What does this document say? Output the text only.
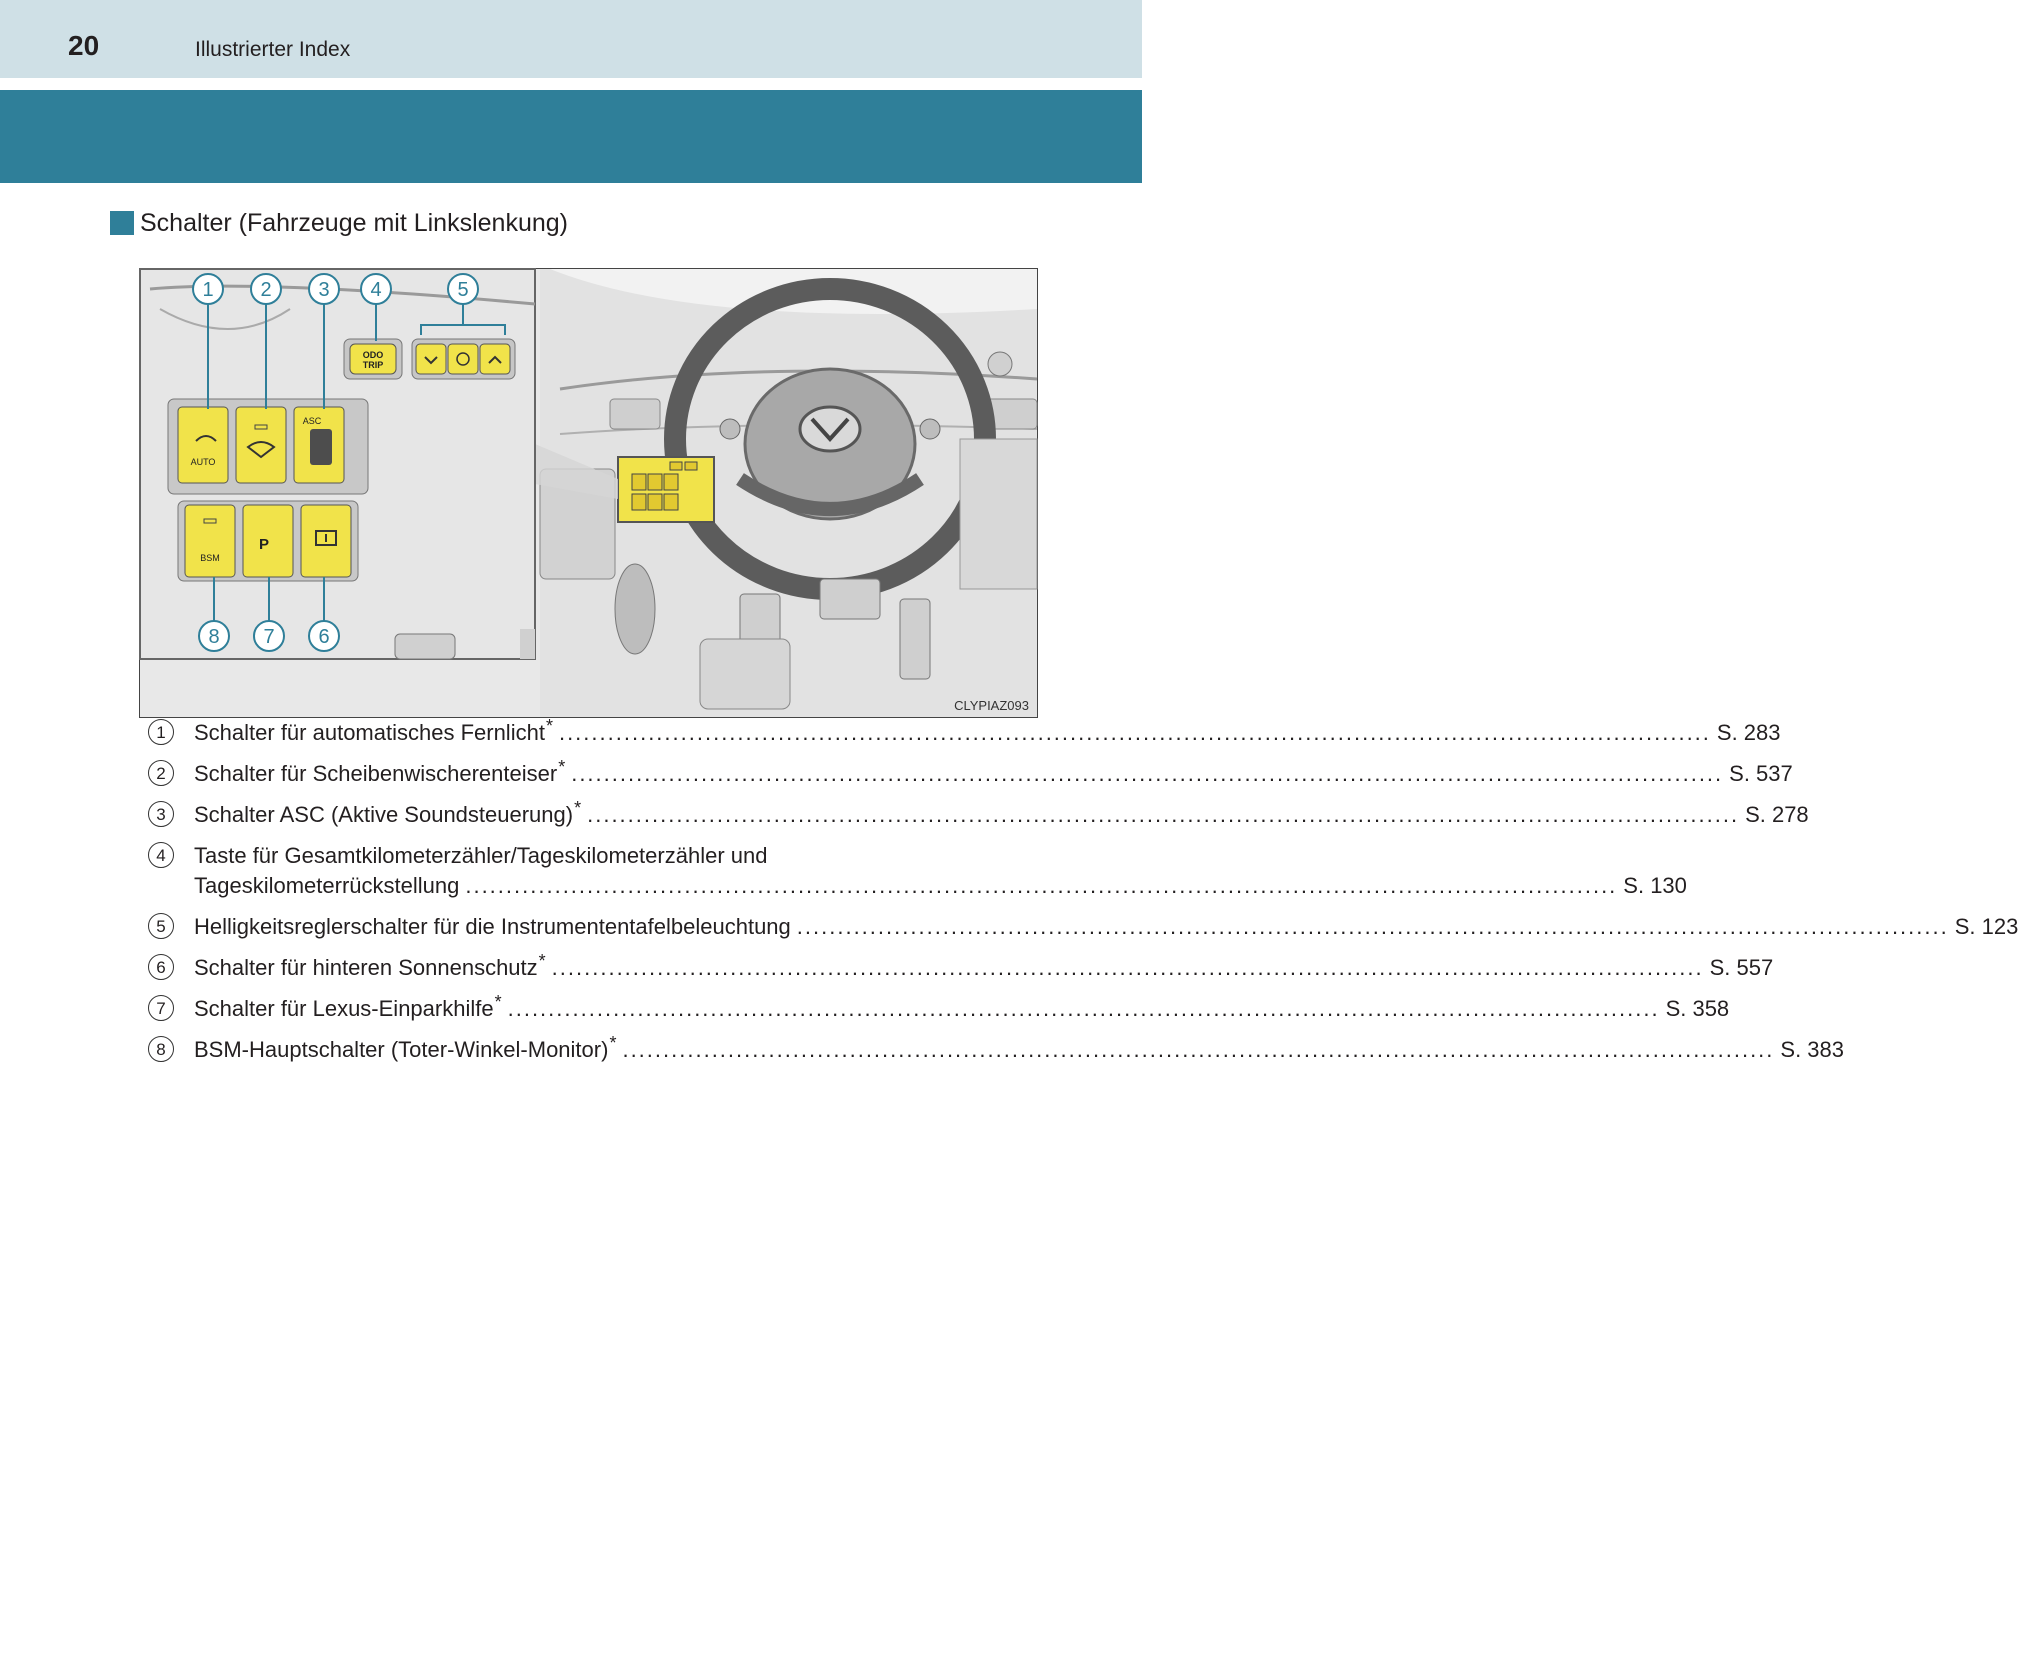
20	Illustrierter Index
Schalter (Fahrzeuge mit Linkslenkung)
1 2 3 4	5
8 7 6
ODO
TRIP
AUTO
ASC
BSM
P
CLYPIAZ093
1	Schalter für automatisches Fernlicht* .....	S. 283
2	Schalter für Scheibenwischerenteiser* .....	S. 537
3	Schalter ASC (Aktive Soundsteuerung)* .....	S. 278
4	Taste für Gesamtkilometerzähler/Tageskilometerzähler und
Tageskilometerrückstellung .....	S. 130
5	Helligkeitsreglerschalter für die Instrumententafelbeleuchtung .....	S. 123
6	Schalter für hinteren Sonnenschutz* .....	S. 557
7	Schalter für Lexus-Einparkhilfe* .....	S. 358
8	BSM-Hauptschalter (Toter-Winkel-Monitor)* .....	S. 383
